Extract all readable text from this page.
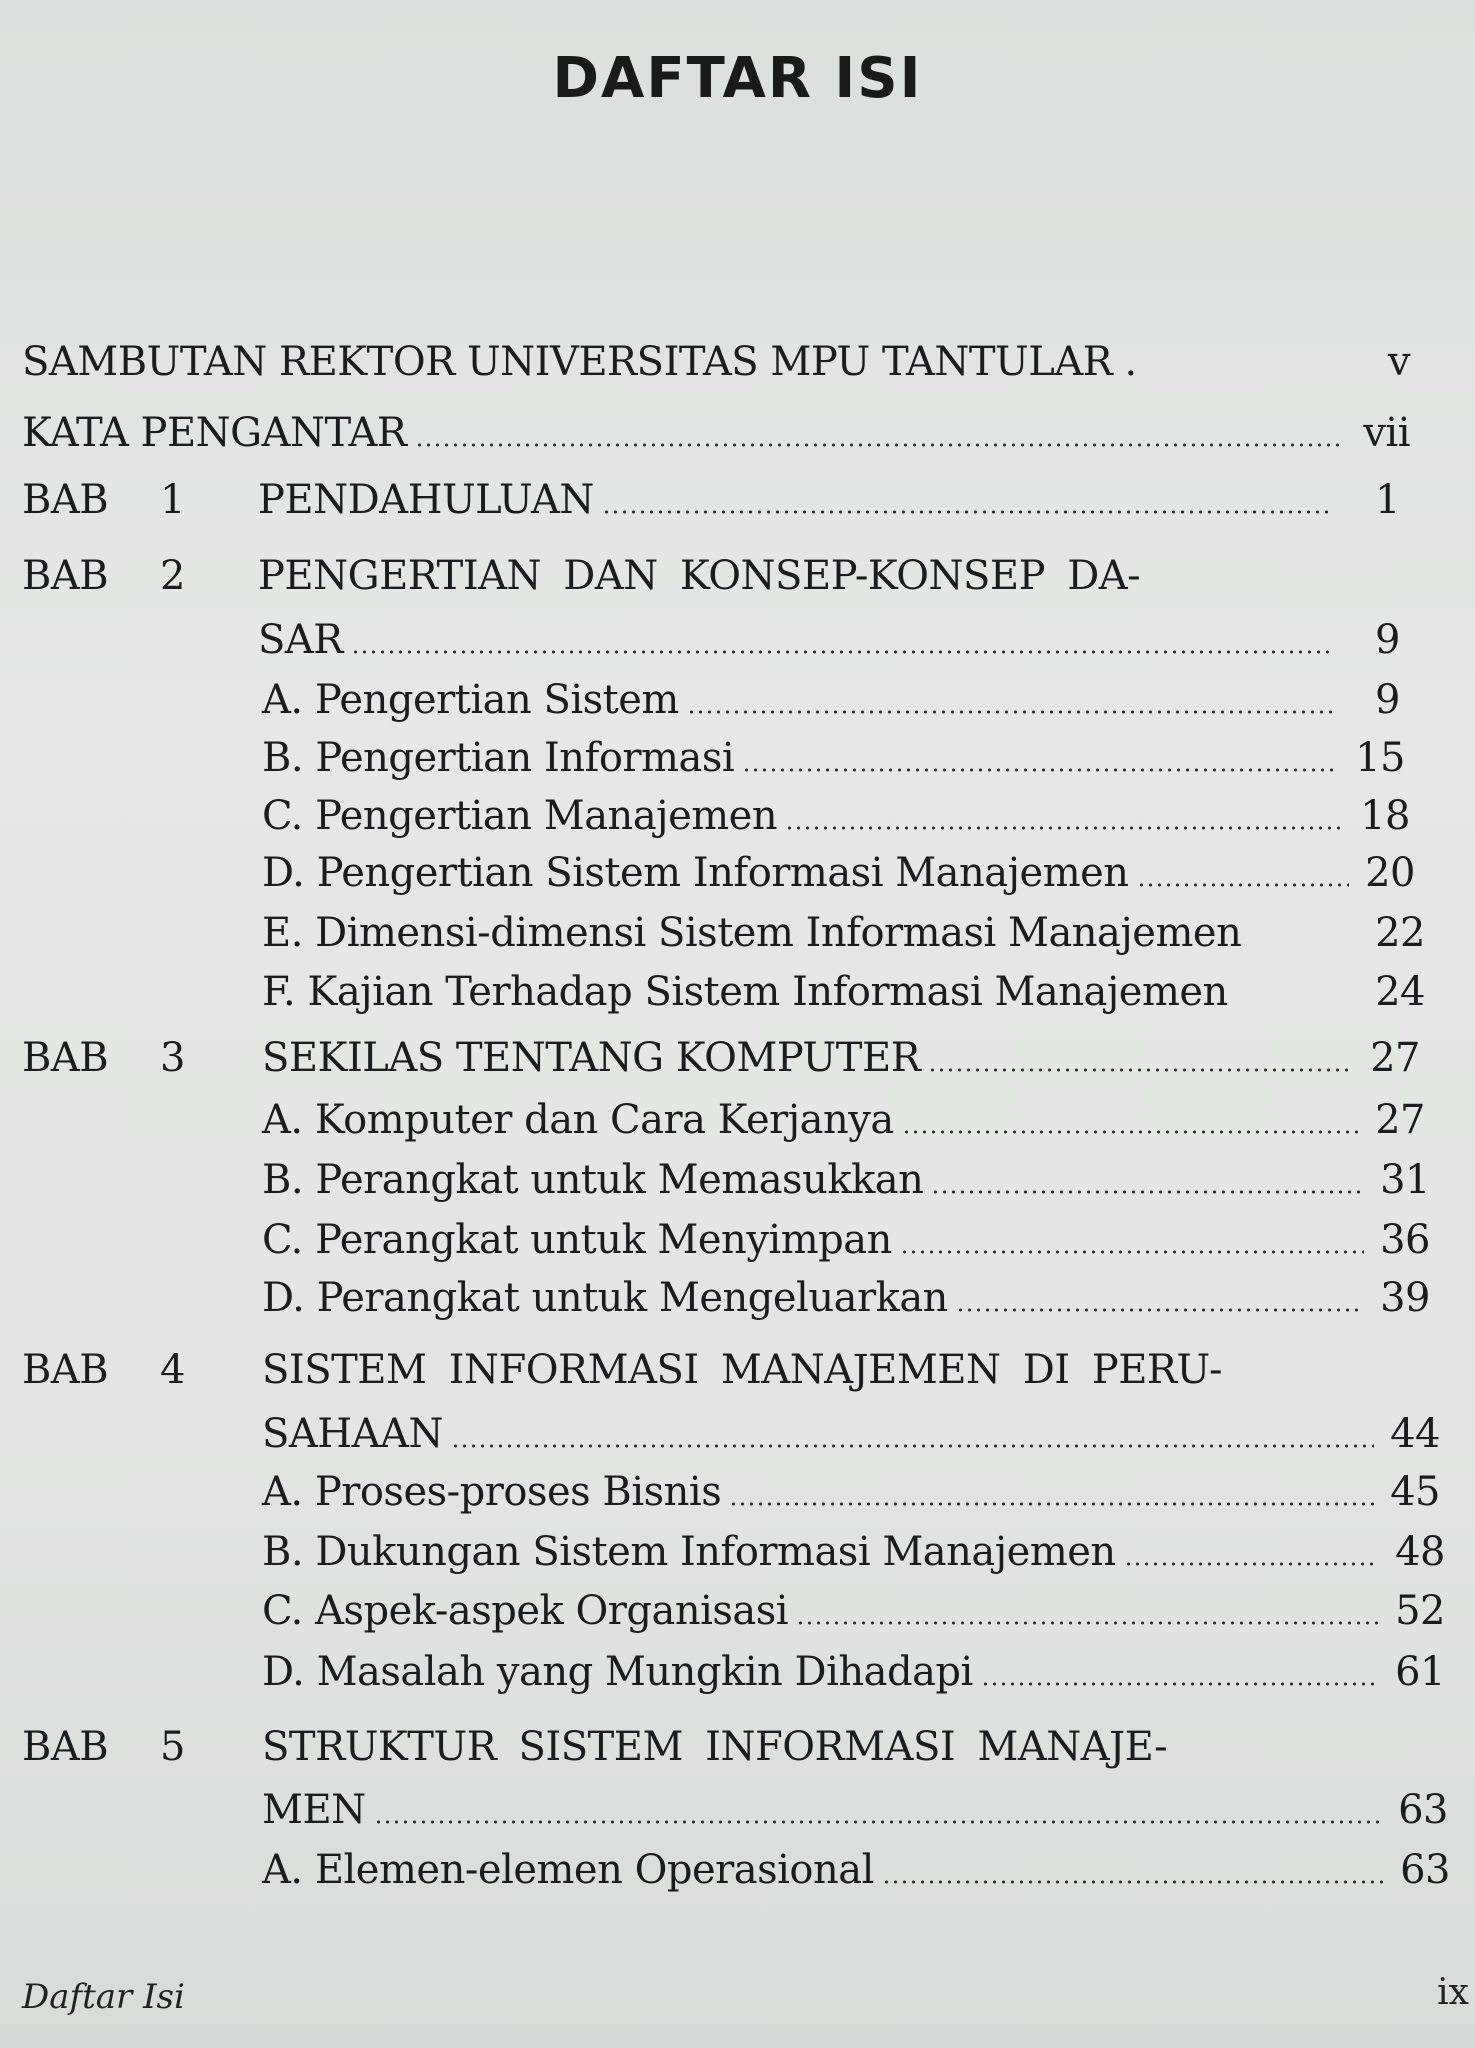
DAFTAR ISI
SAMBUTAN REKTOR UNIVERSITAS MPU TANTULAR .	v
KATA PENGANTAR	vii
BAB 1 PENDAHULUAN	1
BAB 2 PENGERTIAN DAN KONSEP-KONSEP DA-
SAR	9
A. Pengertian Sistem	9
B. Pengertian Informasi	15
C. Pengertian Manajemen	18
D. Pengertian Sistem Informasi Manajemen	20
E. Dimensi-dimensi Sistem Informasi Manajemen	22
F. Kajian Terhadap Sistem Informasi Manajemen	24
BAB 3 SEKILAS TENTANG KOMPUTER	27
A. Komputer dan Cara Kerjanya	27
B. Perangkat untuk Memasukkan	31
C. Perangkat untuk Menyimpan	36
D. Perangkat untuk Mengeluarkan	39
BAB 4 SISTEM INFORMASI MANAJEMEN DI PERU-
SAHAAN	44
A. Proses-proses Bisnis	45
B. Dukungan Sistem Informasi Manajemen	48
C. Aspek-aspek Organisasi	52
D. Masalah yang Mungkin Dihadapi	61
BAB 5 STRUKTUR SISTEM INFORMASI MANAJE-
MEN	63
A. Elemen-elemen Operasional	63
Daftar Isi	ix
